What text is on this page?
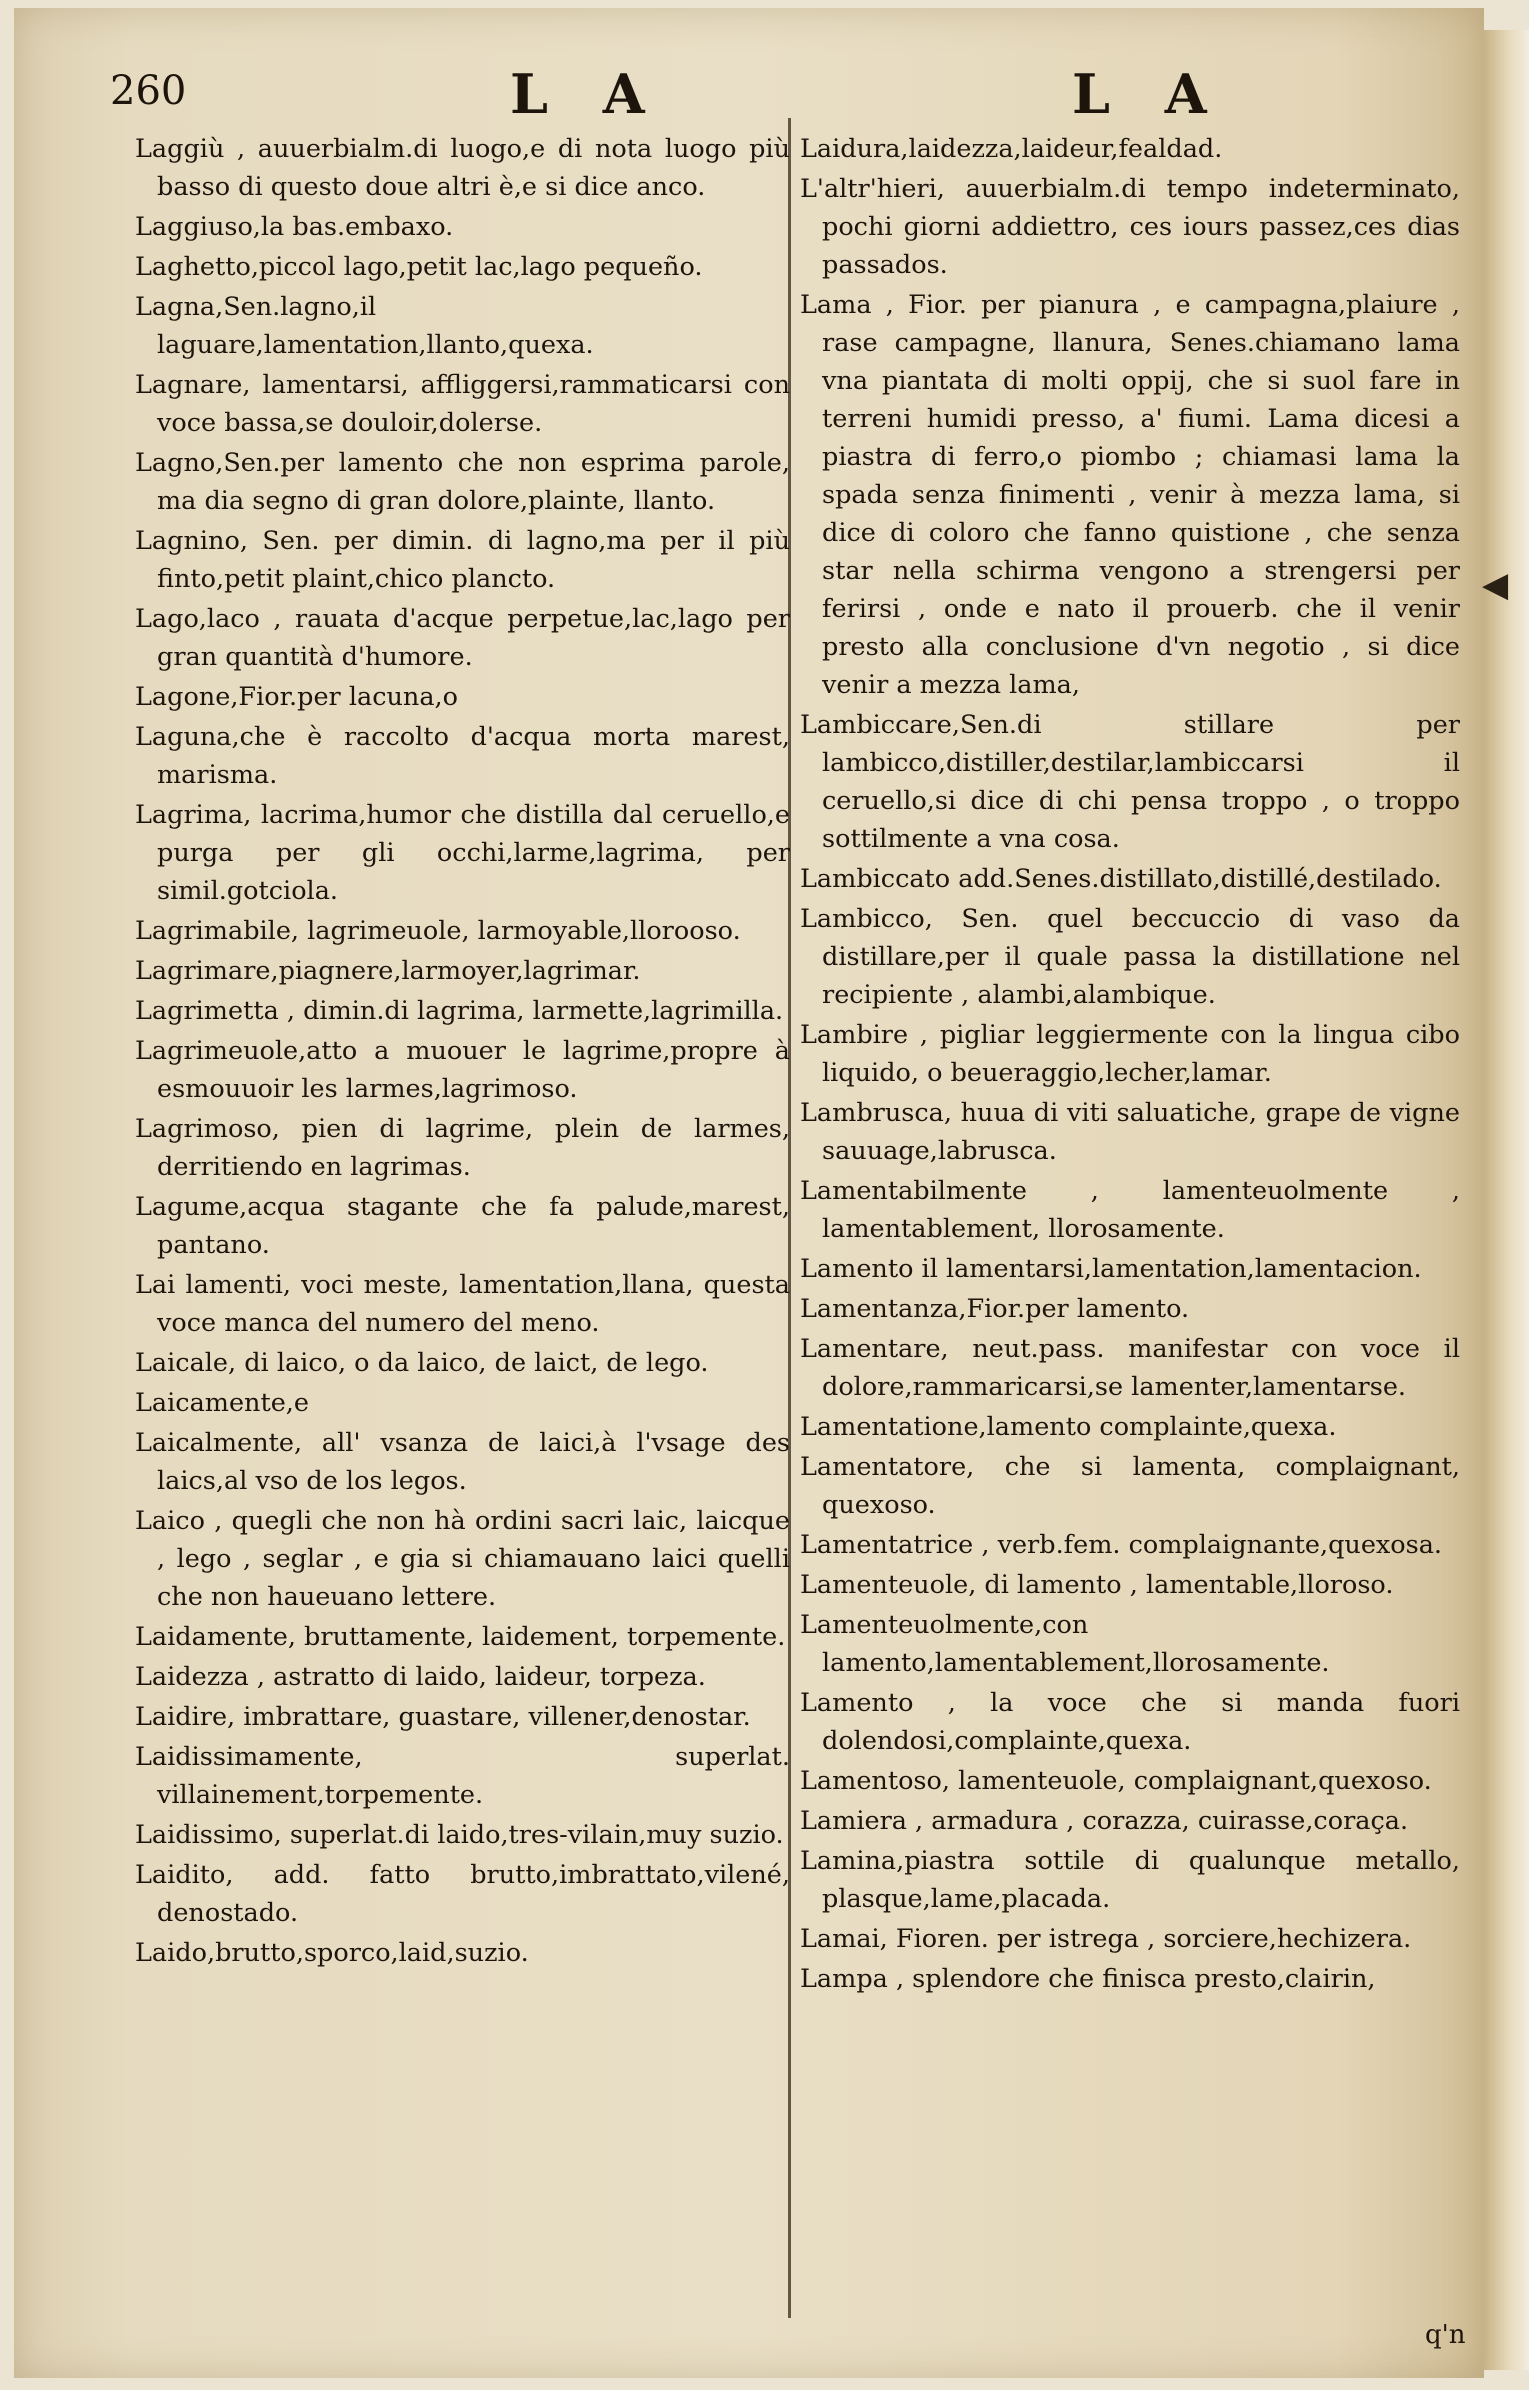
260	L A	L A
Laggiù , auuerbialm.di luogo,e di nota luogo più basso di questo doue altri è,e si dice anco.
Laggiuso,la bas.embaxo.
Laghetto,piccol lago,petit lac,lago pequeño.
Lagna,Sen.lagno,il laguare,lamentation,llanto,quexa.
Lagnare, lamentarsi, affliggersi,rammaticarsi con voce bassa,se douloir,dolerse.
Lagno,Sen.per lamento che non esprima parole, ma dia segno di gran dolore,plainte, llanto.
Lagnino, Sen. per dimin. di lagno,ma per il più finto,petit plaint,chico plancto.
Lago,laco , rauata d'acque perpetue,lac,lago per gran quantità d'humore.
Lagone,Fior.per lacuna,o
Laguna,che è raccolto d'acqua morta marest, marisma.
Lagrima, lacrima,humor che distilla dal ceruello,e purga per gli occhi,larme,lagrima, per simil.gotciola.
Lagrimabile, lagrimeuole, larmoyable,llorooso.
Lagrimare,piagnere,larmoyer,lagrimar.
Lagrimetta , dimin.di lagrima, larmette,lagrimilla.
Lagrimeuole,atto a muouer le lagrime,propre à esmouuoir les larmes,lagrimoso.
Lagrimoso, pien di lagrime, plein de larmes, derritiendo en lagrimas.
Lagume,acqua stagante che fa palude,marest, pantano.
Lai lamenti, voci meste, lamentation,llana, questa voce manca del numero del meno.
Laicale, di laico, o da laico, de laict, de lego.
Laicamente,e
Laicalmente, all' vsanza de laici,à l'vsage des laics,al vso de los legos.
Laico , quegli che non hà ordini sacri laic, laicque , lego , seglar , e gia si chiamauano laici quelli che non haueuano lettere.
Laidamente, bruttamente, laidement, torpemente.
Laidezza , astratto di laido, laideur, torpeza.
Laidire, imbrattare, guastare, villener,denostar.
Laidissimamente, superlat. villainement,torpemente.
Laidissimo, superlat.di laido,tres-vilain,muy suzio.
Laidito, add. fatto brutto,imbrattato,vilené, denostado.
Laido,brutto,sporco,laid,suzio.
Laidura,laidezza,laideur,fealdad.
L'altr'hieri, auuerbialm.di tempo indeterminato, pochi giorni addiettro, ces iours passez,ces dias passados.
Lama , Fior. per pianura , e campagna,plaiure , rase campagne, llanura, Senes.chiamano lama vna piantata di molti oppij, che si suol fare in terreni humidi presso, a' fiumi. Lama dicesi a piastra di ferro,o piombo ; chiamasi lama la spada senza finimenti , venir à mezza lama, si dice di coloro che fanno quistione , che senza star nella schirma vengono a strengersi per ferirsi , onde e nato il prouerb. che il venir presto alla conclusione d'vn negotio , si dice venir a mezza lama,
Lambiccare,Sen.di stillare per lambicco,distiller,destilar,lambiccarsi il ceruello,si dice di chi pensa troppo , o troppo sottilmente a vna cosa.
Lambiccato add.Senes.distillato,distillé,destilado.
Lambicco, Sen. quel beccuccio di vaso da distillare,per il quale passa la distillatione nel recipiente , alambi,alambique.
Lambire , pigliar leggiermente con la lingua cibo liquido, o beueraggio,lecher,lamar.
Lambrusca, huua di viti saluatiche, grape de vigne sauuage,labrusca.
Lamentabilmente , lamenteuolmente , lamentablement, llorosamente.
Lamento il lamentarsi,lamentation,lamentacion.
Lamentanza,Fior.per lamento.
Lamentare, neut.pass. manifestar con voce il dolore,rammaricarsi,se lamenter,lamentarse.
Lamentatione,lamento complainte,quexa.
Lamentatore, che si lamenta, complaignant, quexoso.
Lamentatrice , verb.fem. complaignante,quexosa.
Lamenteuole, di lamento , lamentable,lloroso.
Lamenteuolmente,con lamento,lamentablement,llorosamente.
Lamento , la voce che si manda fuori dolendosi,complainte,quexa.
Lamentoso, lamenteuole, complaignant,quexoso.
Lamiera , armadura , corazza, cuirasse,coraça.
Lamina,piastra sottile di qualunque metallo, plasque,lame,placada.
Lamai, Fioren. per istrega , sorciere,hechizera.
Lampa , splendore che finisca presto,clairin,
◀
q'n
